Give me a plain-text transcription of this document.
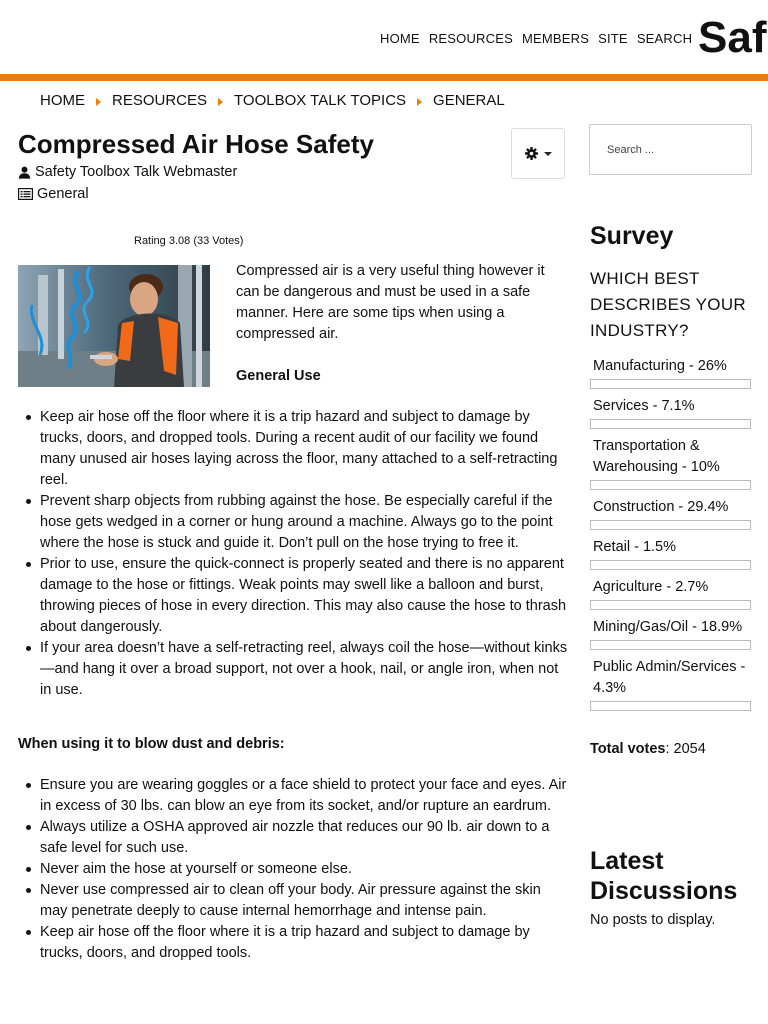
HOME RESOURCES MEMBERS SITE SEARCH Saf
HOME RESOURCES TOOLBOX TALK TOPICS GENERAL
Compressed Air Hose Safety
Safety Toolbox Talk Webmaster
General
Rating 3.08 (33 Votes)

Compressed air is a very useful thing however it can be dangerous and must be used in a safe manner. Here are some tips when using a compressed air.

General Use
Keep air hose off the floor where it is a trip hazard and subject to damage by trucks, doors, and dropped tools. During a recent audit of our facility we found many unused air hoses laying across the floor, many attached to a self-retracting reel.
Prevent sharp objects from rubbing against the hose. Be especially careful if the hose gets wedged in a corner or hung around a machine. Always go to the point where the hose is stuck and guide it. Don’t pull on the hose trying to free it.
Prior to use, ensure the quick-connect is properly seated and there is no apparent damage to the hose or fittings. Weak points may swell like a balloon and burst, throwing pieces of hose in every direction. This may also cause the hose to thrash about dangerously.
If your area doesn’t have a self-retracting reel, always coil the hose—without kinks—and hang it over a broad support, not over a hook, nail, or angle iron, when not in use.
When using it to blow dust and debris:
Ensure you are wearing goggles or a face shield to protect your face and eyes. Air in excess of 30 lbs. can blow an eye from its socket, and/or rupture an eardrum.
Always utilize a OSHA approved air nozzle that reduces our 90 lb. air down to a safe level for such use.
Never aim the hose at yourself or someone else.
Never use compressed air to clean off your body. Air pressure against the skin may penetrate deeply to cause internal hemorrhage and intense pain.
Keep air hose off the floor where it is a trip hazard and subject to damage by trucks, doors, and dropped tools.
Search ...
Survey

WHICH BEST DESCRIBES YOUR INDUSTRY?

Manufacturing - 26%
Services - 7.1%
Transportation & Warehousing - 10%
Construction - 29.4%
Retail - 1.5%
Agriculture - 2.7%
Mining/Gas/Oil - 18.9%
Public Admin/Services - 4.3%
Total votes: 2054
Latest Discussions

No posts to display.
